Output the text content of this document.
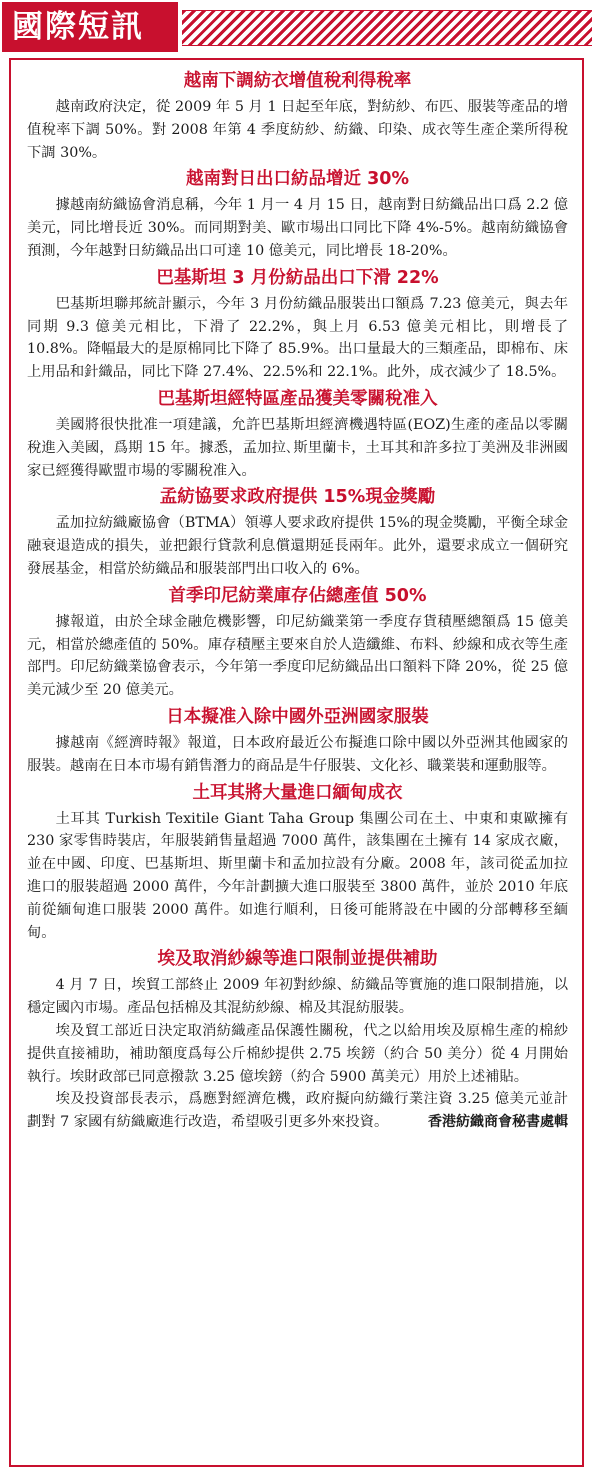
國際短訊
越南下調紡衣增值稅利得稅率

越南政府決定，從 2009 年 5 月 1 日起至年底，對紡紗、布匹、服裝等產品的增值稅率下調 50%。對 2008 年第 4 季度紡紗、紡織、印染、成衣等生產企業所得稅下調 30%。

越南對日出口紡品增近 30%

據越南紡織協會消息稱，今年 1 月一 4 月 15 日，越南對日紡織品出口爲 2.2 億美元，同比增長近 30%。而同期對美、歐市場出口同比下降 4%-5%。越南紡織協會預測，今年越對日紡織品出口可達 10 億美元，同比增長 18-20%。

巴基斯坦 3 月份紡品出口下滑 22%

巴基斯坦聯邦統計顯示，今年 3 月份紡織品服裝出口額爲 7.23 億美元，與去年同期 9.3 億美元相比，下滑了 22.2%，與上月 6.53 億美元相比，則增長了 10.8%。降幅最大的是原棉同比下降了 85.9%。出口量最大的三類產品，即棉布、床上用品和針織品，同比下降 27.4%、22.5%和 22.1%。此外，成衣減少了 18.5%。

巴基斯坦經特區產品獲美零關稅准入

美國將很快批准一項建議，允許巴基斯坦經濟機遇特區(EOZ)生產的產品以零關稅進入美國，爲期 15 年。據悉，孟加拉､斯里蘭卡，土耳其和許多拉丁美洲及非洲國家已經獲得歐盟市場的零關稅准入。

孟紡協要求政府提供 15%現金獎勵

孟加拉紡織廠協會（BTMA）領導人要求政府提供 15%的現金獎勵，平衡全球金融衰退造成的損失，並把銀行貸款利息償還期延長兩年。此外，還要求成立一個研究發展基金，相當於紡織品和服裝部門出口收入的 6%。

首季印尼紡業庫存佔總產值 50%

據報道，由於全球金融危機影響，印尼紡織業第一季度存貨積壓總額爲 15 億美元，相當於總產值的 50%。庫存積壓主要來自於人造纖維、布料、紗線和成衣等生產部門。印尼紡織業協會表示，今年第一季度印尼紡織品出口額料下降 20%，從 25 億美元減少至 20 億美元。

日本擬准入除中國外亞洲國家服裝

據越南《經濟時報》報道，日本政府最近公布擬進口除中國以外亞洲其他國家的服裝。越南在日本市場有銷售潛力的商品是牛仔服裝、文化衫、職業裝和運動服等。

土耳其將大量進口緬甸成衣

土耳其 Turkish Texitile Giant Taha Group 集團公司在土、中東和東歐擁有 230 家零售時裝店，年服裝銷售量超過 7000 萬件，該集團在土擁有 14 家成衣廠，並在中國、印度、巴基斯坦、斯里蘭卡和孟加拉設有分廠。2008 年，該司從孟加拉進口的服裝超過 2000 萬件，今年計劃擴大進口服裝至 3800 萬件，並於 2010 年底前從緬甸進口服裝 2000 萬件。如進行順利，日後可能將設在中國的分部轉移至緬甸。

埃及取消紗線等進口限制並提供補助

4 月 7 日，埃貿工部終止 2009 年初對紗線、紡織品等實施的進口限制措施，以穩定國內市場。產品包括棉及其混紡紗線、棉及其混紡服裝。

埃及貿工部近日決定取消紡織產品保護性關稅，代之以給用埃及原棉生產的棉紗提供直接補助，補助額度爲每公斤棉紗提供 2.75 埃鎊（約合 50 美分）從 4 月開始執行。埃財政部已同意撥款 3.25 億埃鎊（約合 5900 萬美元）用於上述補貼。

埃及投資部長表示，爲應對經濟危機，政府擬向紡織行業注資 3.25 億美元並計劃對 7 家國有紡織廠進行改造，希望吸引更多外來投資。	香港紡織商會秘書處輯
